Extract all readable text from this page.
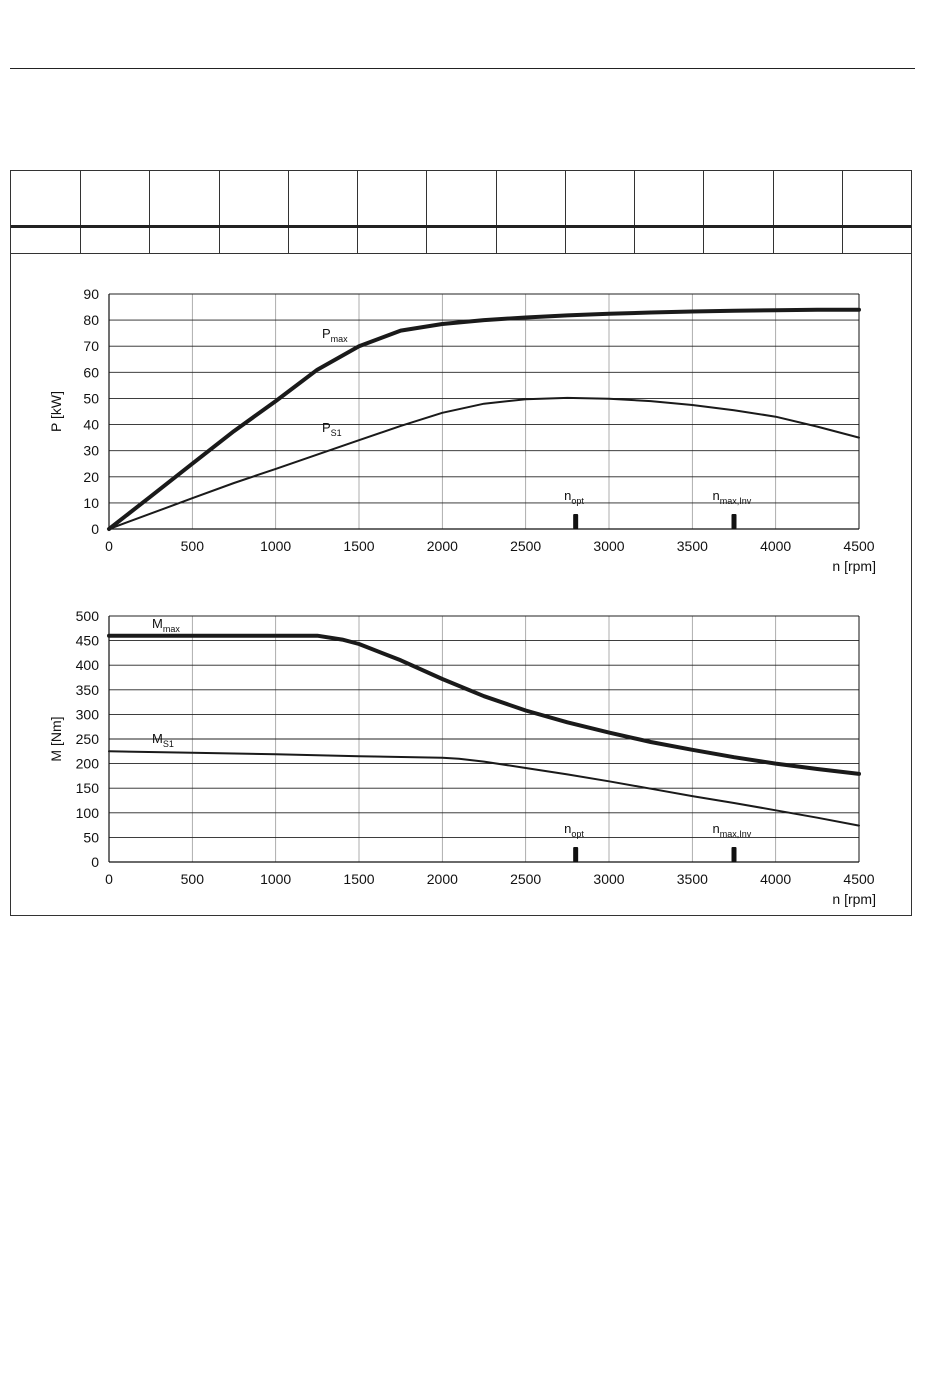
0
10
20
30
40
50
60
70
80
90
0	500	1000	1500	2000	2500	3000	3500	4000	4500
n [rpm]
P [kW]
$P_{max}$
$P_{S1}$
$n_{opt}$	$n_{max,Inv}$
0
50
100
150
200
250
300
350
400
450
500
0	500	1000	1500	2000	2500	3000	3500	4000	4500
n [rpm]
M [Nm]
$M_{max}$
$M_{S1}$
$n_{opt}$	$n_{max,Inv}$
